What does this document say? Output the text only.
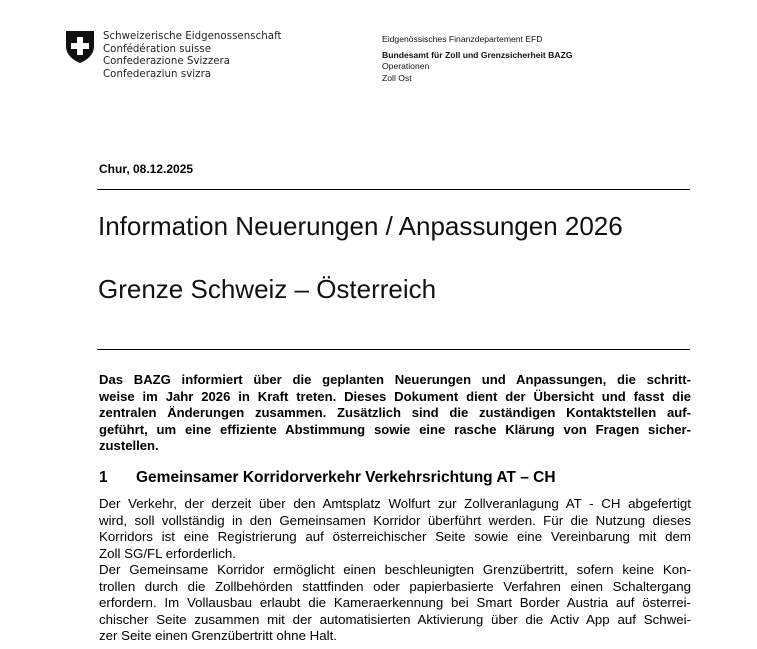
Schweizerische Eidgenossenschaft
Confédération suisse
Confederazione Svizzera
Confederaziun svizra
Eidgenössisches Finanzdepartement EFD
Bundesamt für Zoll und Grenzsicherheit BAZG
Operationen
Zoll Ost
Chur, 08.12.2025
Information Neuerungen / Anpassungen 2026
Grenze Schweiz – Österreich
Das BAZG informiert über die geplanten Neuerungen und Anpassungen, die schritt-
weise im Jahr 2026 in Kraft treten. Dieses Dokument dient der Übersicht und fasst die
zentralen Änderungen zusammen. Zusätzlich sind die zuständigen Kontaktstellen auf-
geführt, um eine effiziente Abstimmung sowie eine rasche Klärung von Fragen sicher-
zustellen.
1 Gemeinsamer Korridorverkehr Verkehrsrichtung AT – CH
Der Verkehr, der derzeit über den Amtsplatz Wolfurt zur Zollveranlagung AT - CH abgefertigt
wird, soll vollständig in den Gemeinsamen Korridor überführt werden. Für die Nutzung dieses
Korridors ist eine Registrierung auf österreichischer Seite sowie eine Vereinbarung mit dem
Zoll SG/FL erforderlich.
Der Gemeinsame Korridor ermöglicht einen beschleunigten Grenzübertritt, sofern keine Kon-
trollen durch die Zollbehörden stattfinden oder papierbasierte Verfahren einen Schaltergang
erfordern. Im Vollausbau erlaubt die Kameraerkennung bei Smart Border Austria auf österrei-
chischer Seite zusammen mit der automatisierten Aktivierung über die Activ App auf Schwei-
zer Seite einen Grenzübertritt ohne Halt.
